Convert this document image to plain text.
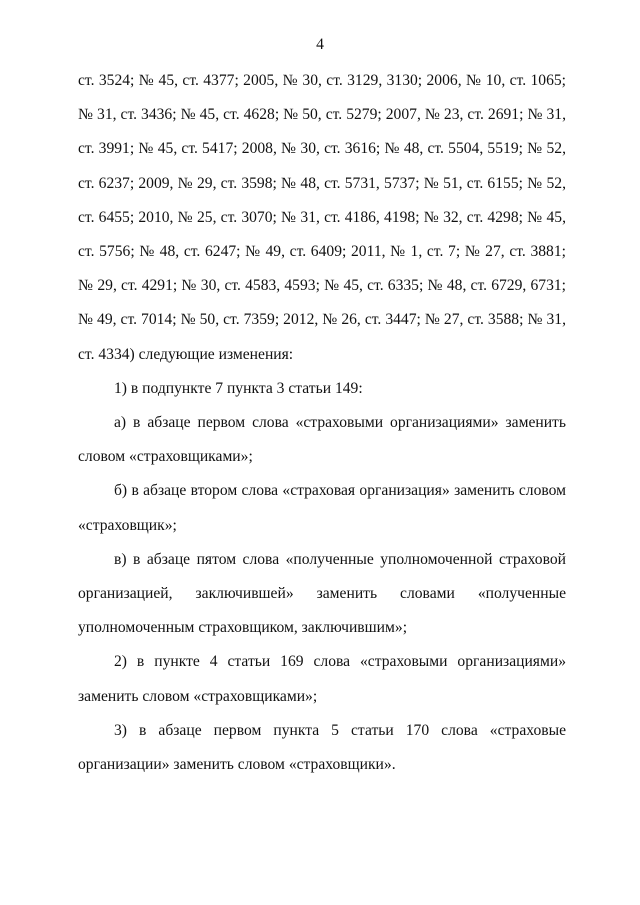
4

ст. 3524; № 45, ст. 4377; 2005, № 30, ст. 3129, 3130; 2006, № 10, ст. 1065;
№ 31, ст. 3436; № 45, ст. 4628; № 50, ст. 5279; 2007, № 23, ст. 2691; № 31,
ст. 3991; № 45, ст. 5417; 2008, № 30, ст. 3616; № 48, ст. 5504, 5519; № 52,
ст. 6237; 2009, № 29, ст. 3598; № 48, ст. 5731, 5737; № 51, ст. 6155; № 52,
ст. 6455; 2010, № 25, ст. 3070; № 31, ст. 4186, 4198; № 32, ст. 4298; № 45,
ст. 5756; № 48, ст. 6247; № 49, ст. 6409; 2011, № 1, ст. 7; № 27, ст. 3881;
№ 29, ст. 4291; № 30, ст. 4583, 4593; № 45, ст. 6335; № 48, ст. 6729, 6731;
№ 49, ст. 7014; № 50, ст. 7359; 2012, № 26, ст. 3447; № 27, ст. 3588; № 31,
ст. 4334) следующие изменения:

1) в подпункте 7 пункта 3 статьи 149:

а) в абзаце первом слова «страховыми организациями» заменить
словом «страховщиками»;

б) в абзаце втором слова «страховая организация» заменить словом
«страховщик»;

в) в абзаце пятом слова «полученные уполномоченной страховой
организацией, заключившей» заменить словами «полученные
уполномоченным страховщиком, заключившим»;

2) в пункте 4 статьи 169 слова «страховыми организациями»
заменить словом «страховщиками»;

3) в абзаце первом пункта 5 статьи 170 слова «страховые
организации» заменить словом «страховщики».
